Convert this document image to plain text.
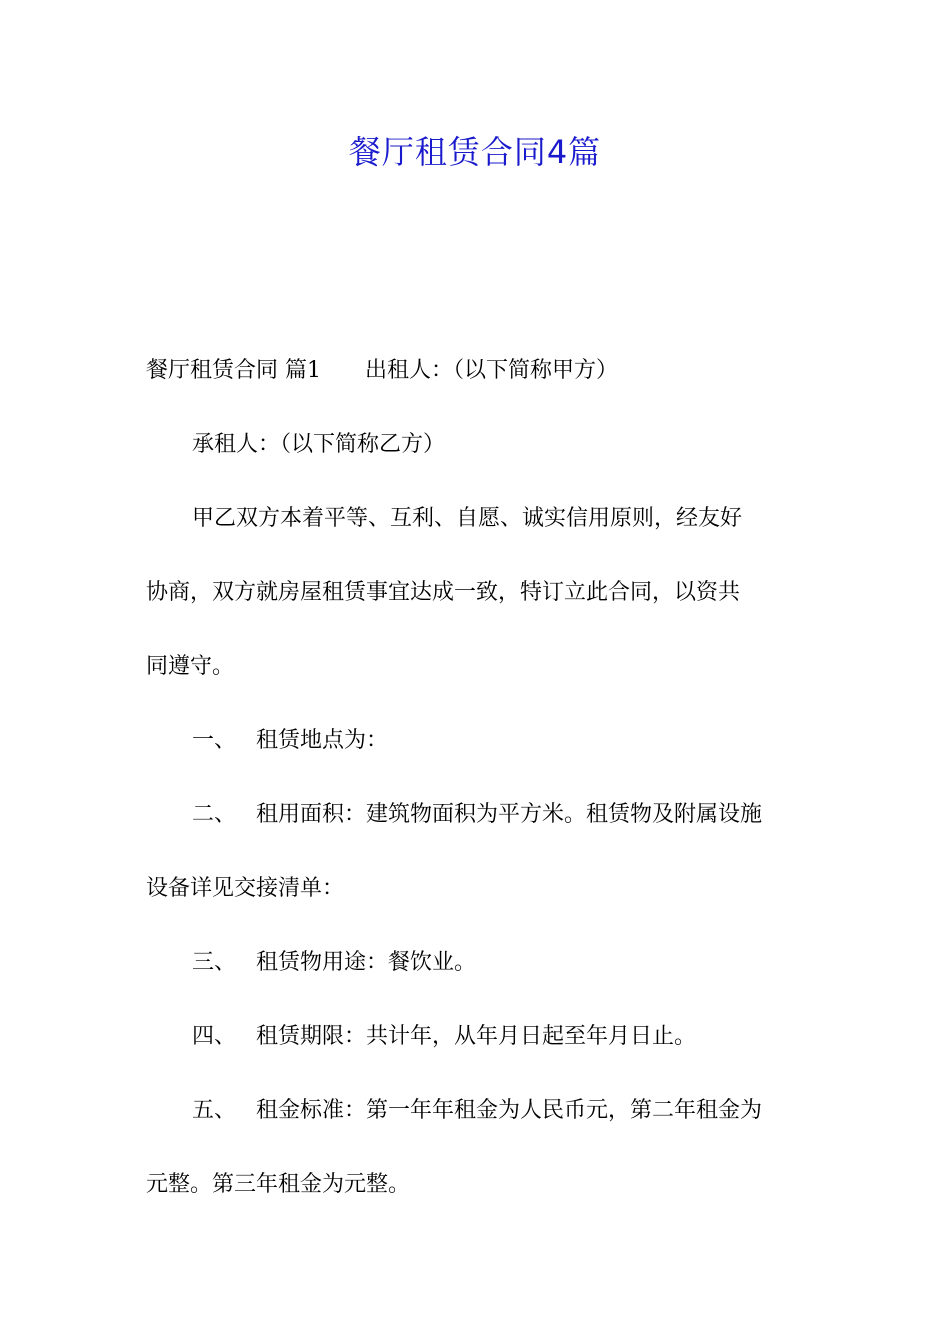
餐厅租赁合同4篇
餐厅租赁合同 篇1 出租人：（以下简称甲方）
承租人：（以下简称乙方）
甲乙双方本着平等、互利、自愿、诚实信用原则，经友好
协商，双方就房屋租赁事宜达成一致，特订立此合同，以资共
同遵守。
一、 租赁地点为：
二、 租用面积：建筑物面积为平方米。租赁物及附属设施
设备详见交接清单：
三、 租赁物用途：餐饮业。
四、 租赁期限：共计年，从年月日起至年月日止。
五、 租金标准：第一年年租金为人民币元，第二年租金为
元整。第三年租金为元整。
